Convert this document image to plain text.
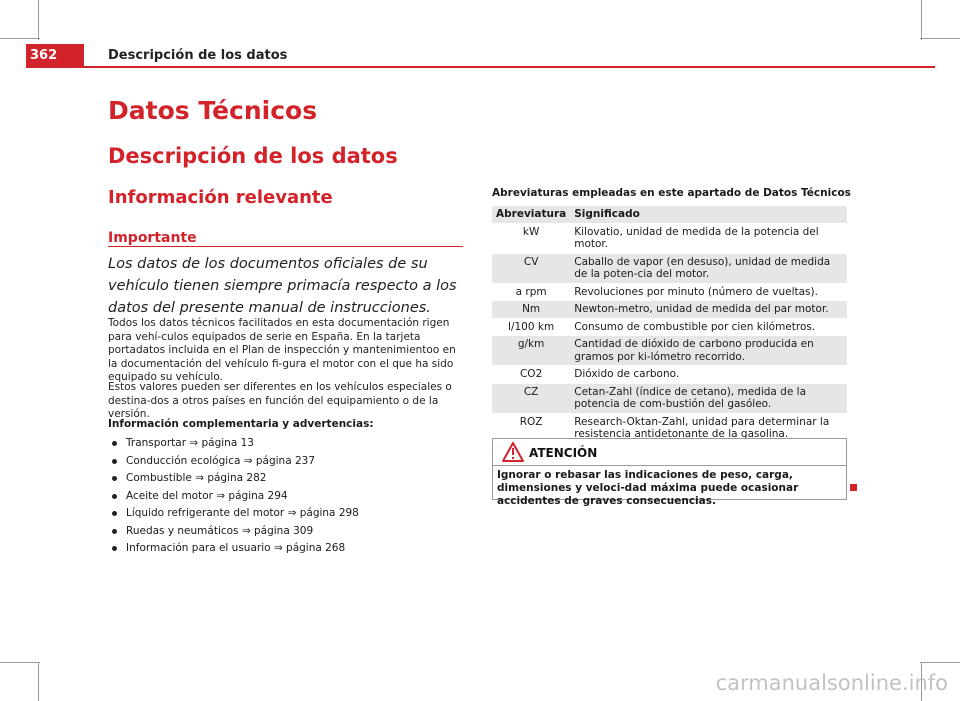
362	Descripción de los datos
Datos Técnicos
Descripción de los datos
Información relevante
Importante
Los datos de los documentos oficiales de su vehículo tienen siempre primacía respecto a los datos del presente manual de instrucciones.
Todos los datos técnicos facilitados en esta documentación rigen para vehí-culos equipados de serie en España. En la tarjeta portadatos incluida en el Plan de inspección y mantenimientoo en la documentación del vehículo fi-gura el motor con el que ha sido equipado su vehículo.
Estos valores pueden ser diferentes en los vehículos especiales o destina-dos a otros países en función del equipamiento o de la versión.
Información complementaria y advertencias:
Transportar ⇒ página 13
Conducción ecológica ⇒ página 237
Combustible ⇒ página 282
Aceite del motor ⇒ página 294
Líquido refrigerante del motor ⇒ página 298
Ruedas y neumáticos ⇒ página 309
Información para el usuario ⇒ página 268
Abreviaturas empleadas en este apartado de Datos Técnicos
Abreviatura	Significado
kW	Kilovatio, unidad de medida de la potencia del motor.
CV	Caballo de vapor (en desuso), unidad de medida de la poten-cia del motor.
a rpm	Revoluciones por minuto (número de vueltas).
Nm	Newton-metro, unidad de medida del par motor.
l/100 km	Consumo de combustible por cien kilómetros.
g/km	Cantidad de dióxido de carbono producida en gramos por ki-lómetro recorrido.
CO2	Dióxido de carbono.
CZ	Cetan-Zahl (índice de cetano), medida de la potencia de com-bustión del gasóleo.
ROZ	Research-Oktan-Zahl, unidad para determinar la resistencia antidetonante de la gasolina.
ATENCIÓN
Ignorar o rebasar las indicaciones de peso, carga, dimensiones y veloci-dad máxima puede ocasionar accidentes de graves consecuencias.
carmanualsonline.info
